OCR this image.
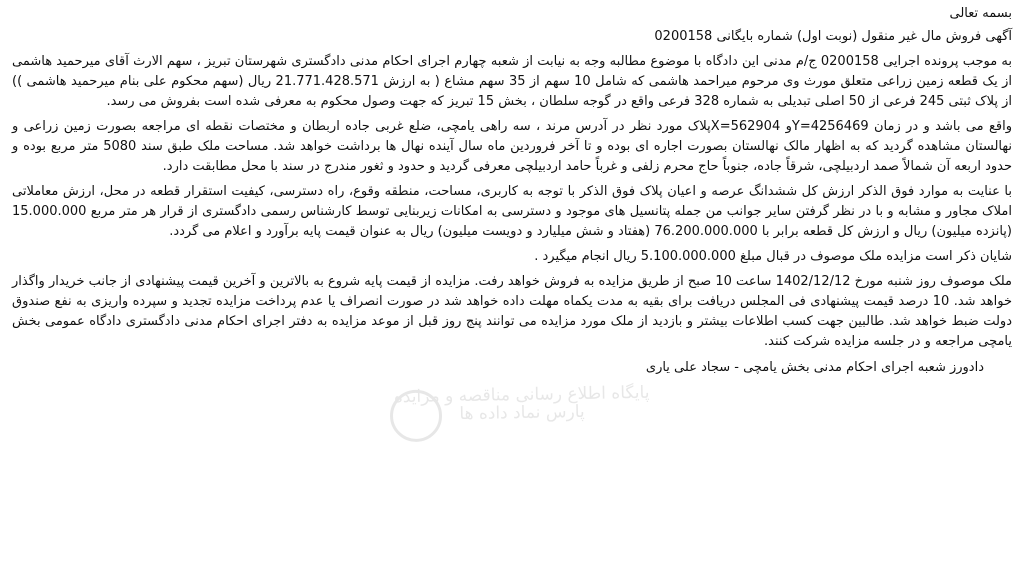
بسمه تعالی
آگهی فروش مال غیر منقول (نوبت اول) شماره بایگانی 0200158
به موجب پرونده اجرایی 0200158 ج/م مدنی این دادگاه با موضوع مطالبه وجه به نیابت از شعبه چهارم اجرای احکام مدنی دادگستری شهرستان تبریز ، سهم الارث آقای میرحمید هاشمی از یک قطعه زمین زراعی متعلق مورث وی مرحوم میراحمد هاشمی که شامل 10 سهم از 35 سهم مشاع ( به ارزش 21.771.428.571 ریال (سهم محکوم علی بنام میرحمید هاشمی )) از پلاک ثبتی 245 فرعی از 50 اصلی تبدیلی به شماره 328 فرعی واقع در گوجه سلطان ، بخش 15 تبریز که جهت وصول محکوم به معرفی شده است بفروش می رسد.
واقع می باشد و در زمان Y=4256469و X=562904پلاک مورد نظر در آدرس مرند ، سه راهی یامچی، ضلع غربی جاده اربطان و مختصات نقطه ای مراجعه بصورت زمین زراعی و نهالستان مشاهده گردید که به اظهار مالک نهالستان بصورت اجاره ای بوده و تا آخر فروردین ماه سال آینده نهال ها برداشت خواهد شد. مساحت ملک طبق سند 5080 متر مربع بوده و حدود اربعه آن شمالاً صمد اردبیلچی، شرقاً جاده، جنوباً حاج محرم زلفی و غرباً حامد اردبیلچی معرفی گردید و حدود و ثغور مندرج در سند با محل مطابقت دارد.
با عنایت به موارد فوق الذکر ارزش کل ششدانگ عرصه و اعیان پلاک فوق الذکر با توجه به کاربری، مساحت، منطقه وقوع، راه دسترسی، کیفیت استقرار قطعه در محل، ارزش معاملاتی املاک مجاور و مشابه و با در نظر گرفتن سایر جوانب من جمله پتانسیل های موجود و دسترسی به امکانات زیربنایی توسط کارشناس رسمی دادگستری از قرار هر متر مربع 15.000.000 (پانزده میلیون) ریال و ارزش کل قطعه برابر با 76.200.000.000 (هفتاد و شش میلیارد و دویست میلیون) ریال به عنوان قیمت پایه برآورد و اعلام می گردد.
شایان ذکر است مزایده ملک موصوف در قبال مبلغ 5.100.000.000 ریال انجام میگیرد .
ملک موصوف روز شنبه مورخ 1402/12/12 ساعت 10 صبح از طریق مزایده به فروش خواهد رفت. مزایده از قیمت پایه شروع به بالاترین و آخرین قیمت پیشنهادی از جانب خریدار واگذار خواهد شد. 10 درصد قیمت پیشنهادی فی المجلس دریافت برای بقیه به مدت یکماه مهلت داده خواهد شد در صورت انصراف یا عدم پرداخت مزایده تجدید و سپرده واریزی به نفع صندوق دولت ضبط خواهد شد. طالبین جهت کسب اطلاعات بیشتر و بازدید از ملک مورد مزایده می توانند پنج روز قبل از موعد مزایده به دفتر اجرای احکام مدنی دادگستری دادگاه عمومی بخش یامچی مراجعه و در جلسه مزایده شرکت کنند.
دادورز شعبه اجرای احکام مدنی بخش یامچی - سجاد علی یاری
پایگاه اطلاع رسانی مناقصه و مزایده
پارس نماد داده ها
